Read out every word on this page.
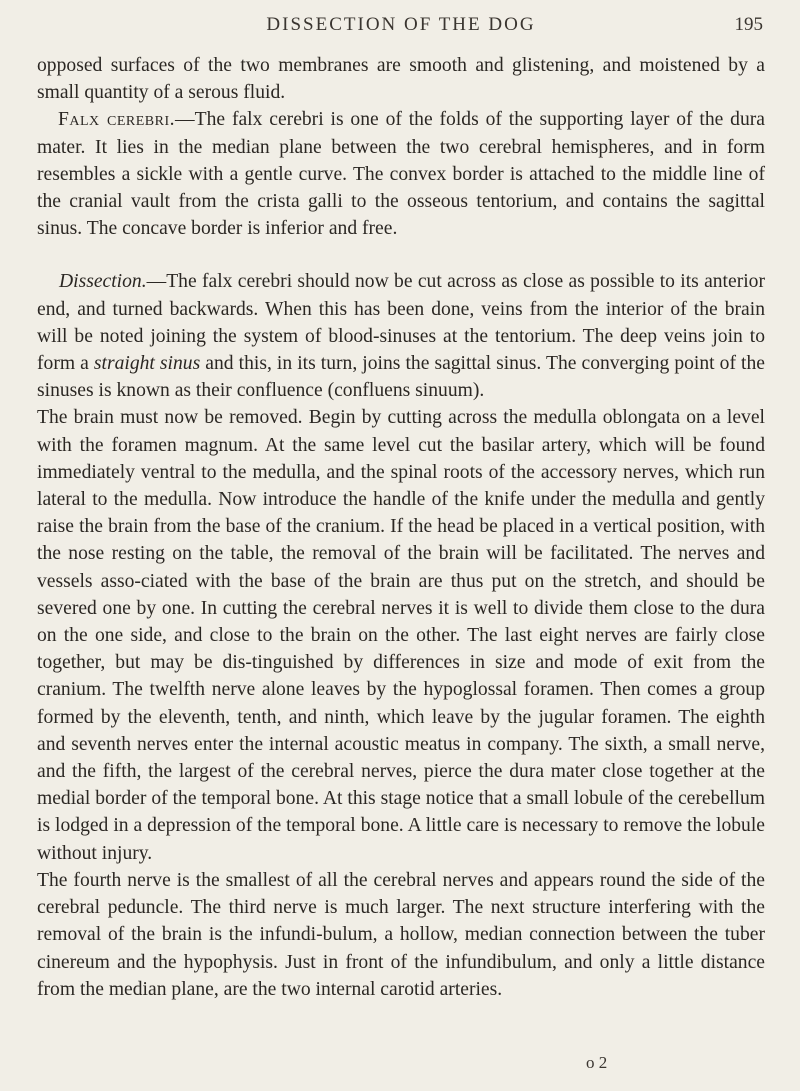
DISSECTION OF THE DOG	195

opposed surfaces of the two membranes are smooth and glistening, and moistened by a small quantity of a serous fluid.

Falx cerebri.—The falx cerebri is one of the folds of the supporting layer of the dura mater. It lies in the median plane between the two cerebral hemispheres, and in form resembles a sickle with a gentle curve. The convex border is attached to the middle line of the cranial vault from the crista galli to the osseous tentorium, and contains the sagittal sinus. The concave border is inferior and free.

Dissection.—The falx cerebri should now be cut across as close as possible to its anterior end, and turned backwards. When this has been done, veins from the interior of the brain will be noted joining the system of blood-sinuses at the tentorium. The deep veins join to form a straight sinus and this, in its turn, joins the sagittal sinus. The converging point of the sinuses is known as their confluence (confluens sinuum).

The brain must now be removed. Begin by cutting across the medulla oblongata on a level with the foramen magnum. At the same level cut the basilar artery, which will be found immediately ventral to the medulla, and the spinal roots of the accessory nerves, which run lateral to the medulla. Now introduce the handle of the knife under the medulla and gently raise the brain from the base of the cranium. If the head be placed in a vertical position, with the nose resting on the table, the removal of the brain will be facilitated. The nerves and vessels asso-ciated with the base of the brain are thus put on the stretch, and should be severed one by one. In cutting the cerebral nerves it is well to divide them close to the dura on the one side, and close to the brain on the other. The last eight nerves are fairly close together, but may be dis-tinguished by differences in size and mode of exit from the cranium. The twelfth nerve alone leaves by the hypoglossal foramen. Then comes a group formed by the eleventh, tenth, and ninth, which leave by the jugular foramen. The eighth and seventh nerves enter the internal acoustic meatus in company. The sixth, a small nerve, and the fifth, the largest of the cerebral nerves, pierce the dura mater close together at the medial border of the temporal bone. At this stage notice that a small lobule of the cerebellum is lodged in a depression of the temporal bone. A little care is necessary to remove the lobule without injury.

The fourth nerve is the smallest of all the cerebral nerves and appears round the side of the cerebral peduncle. The third nerve is much larger. The next structure interfering with the removal of the brain is the infundi-bulum, a hollow, median connection between the tuber cinereum and the hypophysis. Just in front of the infundibulum, and only a little distance from the median plane, are the two internal carotid arteries.

o 2
